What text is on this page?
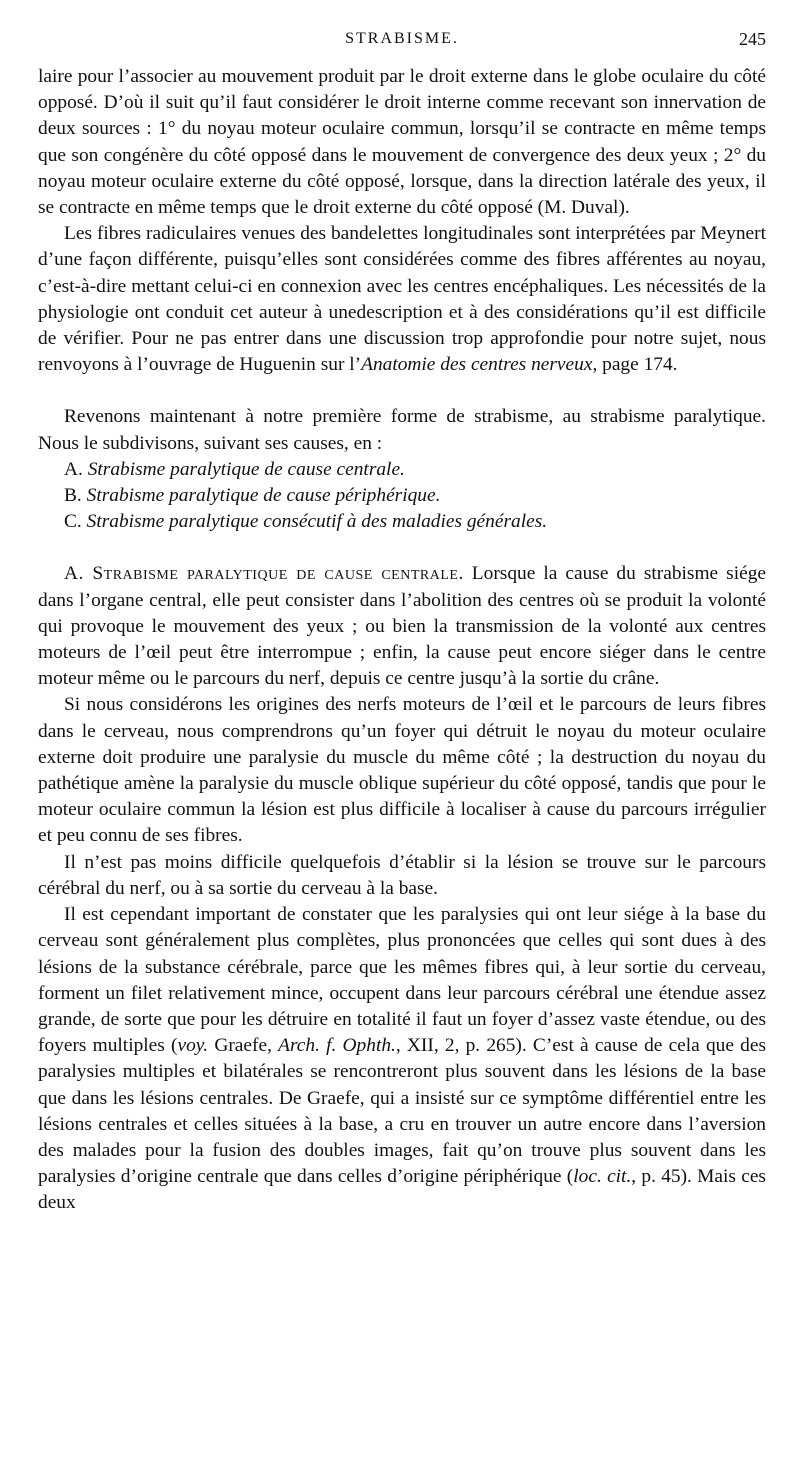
STRABISME.	245

laire pour l’associer au mouvement produit par le droit externe dans le globe oculaire du côté opposé. D’où il suit qu’il faut considérer le droit interne comme recevant son innervation de deux sources : 1° du noyau moteur oculaire commun, lorsqu’il se contracte en même temps que son congénère du côté opposé dans le mouvement de convergence des deux yeux ; 2° du noyau moteur oculaire externe du côté opposé, lorsque, dans la direction latérale des yeux, il se contracte en même temps que le droit externe du côté opposé (M. Duval).

Les fibres radiculaires venues des bandelettes longitudinales sont interprétées par Meynert d’une façon différente, puisqu’elles sont considérées comme des fibres afférentes au noyau, c’est-à-dire mettant celui-ci en connexion avec les centres encéphaliques. Les nécessités de la physiologie ont conduit cet auteur à unedescription et à des considérations qu’il est difficile de vérifier. Pour ne pas entrer dans une discussion trop approfondie pour notre sujet, nous renvoyons à l’ouvrage de Huguenin sur l’Anatomie des centres nerveux, page 174.

Revenons maintenant à notre première forme de strabisme, au strabisme paralytique. Nous le subdivisons, suivant ses causes, en :

A. Strabisme paralytique de cause centrale.
B. Strabisme paralytique de cause périphérique.
C. Strabisme paralytique consécutif à des maladies générales.

A. Strabisme paralytique de cause centrale. Lorsque la cause du strabisme siége dans l’organe central, elle peut consister dans l’abolition des centres où se produit la volonté qui provoque le mouvement des yeux ; ou bien la transmission de la volonté aux centres moteurs de l’œil peut être interrompue ; enfin, la cause peut encore siéger dans le centre moteur même ou le parcours du nerf, depuis ce centre jusqu’à la sortie du crâne.

Si nous considérons les origines des nerfs moteurs de l’œil et le parcours de leurs fibres dans le cerveau, nous comprendrons qu’un foyer qui détruit le noyau du moteur oculaire externe doit produire une paralysie du muscle du même côté ; la destruction du noyau du pathétique amène la paralysie du muscle oblique supérieur du côté opposé, tandis que pour le moteur oculaire commun la lésion est plus difficile à localiser à cause du parcours irrégulier et peu connu de ses fibres.

Il n’est pas moins difficile quelquefois d’établir si la lésion se trouve sur le parcours cérébral du nerf, ou à sa sortie du cerveau à la base.

Il est cependant important de constater que les paralysies qui ont leur siége à la base du cerveau sont généralement plus complètes, plus prononcées que celles qui sont dues à des lésions de la substance cérébrale, parce que les mêmes fibres qui, à leur sortie du cerveau, forment un filet relativement mince, occupent dans leur parcours cérébral une étendue assez grande, de sorte que pour les détruire en totalité il faut un foyer d’assez vaste étendue, ou des foyers multiples (voy. Graefe, Arch. f. Ophth., XII, 2, p. 265). C’est à cause de cela que des paralysies multiples et bilatérales se rencontreront plus souvent dans les lésions de la base que dans les lésions centrales. De Graefe, qui a insisté sur ce symptôme différentiel entre les lésions centrales et celles situées à la base, a cru en trouver un autre encore dans l’aversion des malades pour la fusion des doubles images, fait qu’on trouve plus souvent dans les paralysies d’origine centrale que dans celles d’origine périphérique (loc. cit., p. 45). Mais ces deux
